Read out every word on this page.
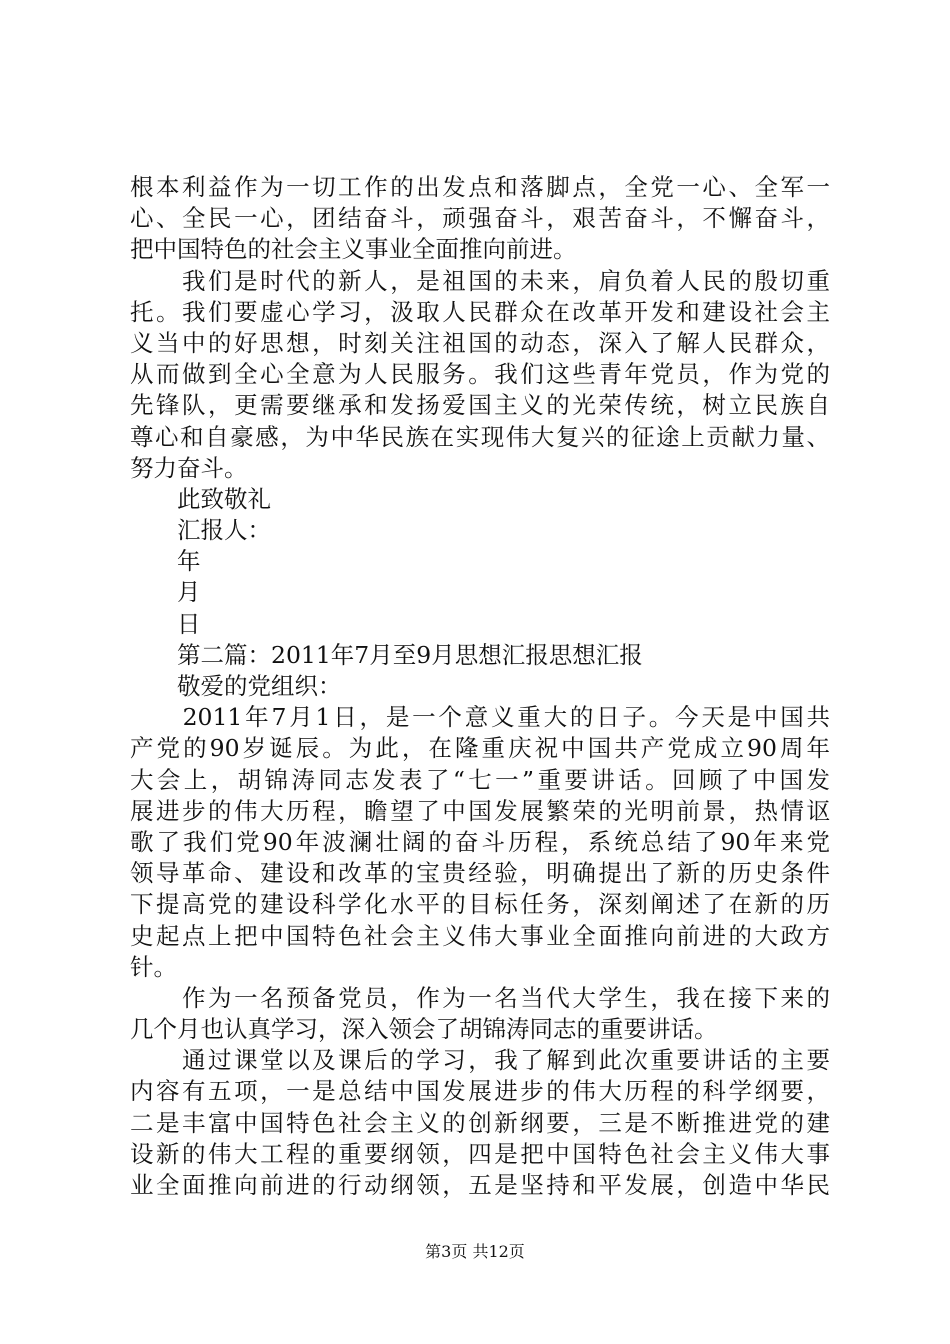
根本利益作为一切工作的出发点和落脚点，全党一心、全军一
心、全民一心，团结奋斗，顽强奋斗，艰苦奋斗，不懈奋斗，
把中国特色的社会主义事业全面推向前进。
　　我们是时代的新人，是祖国的未来，肩负着人民的殷切重
托。我们要虚心学习，汲取人民群众在改革开发和建设社会主
义当中的好思想，时刻关注祖国的动态，深入了解人民群众，
从而做到全心全意为人民服务。我们这些青年党员，作为党的
先锋队，更需要继承和发扬爱国主义的光荣传统，树立民族自
尊心和自豪感，为中华民族在实现伟大复兴的征途上贡献力量、
努力奋斗。
　　此致敬礼
　　汇报人：
　　年
　　月
　　日
　　第二篇：2011年7月至9月思想汇报思想汇报
　　敬爱的党组织：
　　2011年7月1日，是一个意义重大的日子。今天是中国共
产党的90岁诞辰。为此，在隆重庆祝中国共产党成立90周年
大会上，胡锦涛同志发表了“七一”重要讲话。回顾了中国发
展进步的伟大历程，瞻望了中国发展繁荣的光明前景，热情讴
歌了我们党90年波澜壮阔的奋斗历程，系统总结了90年来党
领导革命、建设和改革的宝贵经验，明确提出了新的历史条件
下提高党的建设科学化水平的目标任务，深刻阐述了在新的历
史起点上把中国特色社会主义伟大事业全面推向前进的大政方
针。
　　作为一名预备党员，作为一名当代大学生，我在接下来的
几个月也认真学习，深入领会了胡锦涛同志的重要讲话。
　　通过课堂以及课后的学习，我了解到此次重要讲话的主要
内容有五项，一是总结中国发展进步的伟大历程的科学纲要，
二是丰富中国特色社会主义的创新纲要，三是不断推进党的建
设新的伟大工程的重要纲领，四是把中国特色社会主义伟大事
业全面推向前进的行动纲领，五是坚持和平发展，创造中华民
第3页 共12页
